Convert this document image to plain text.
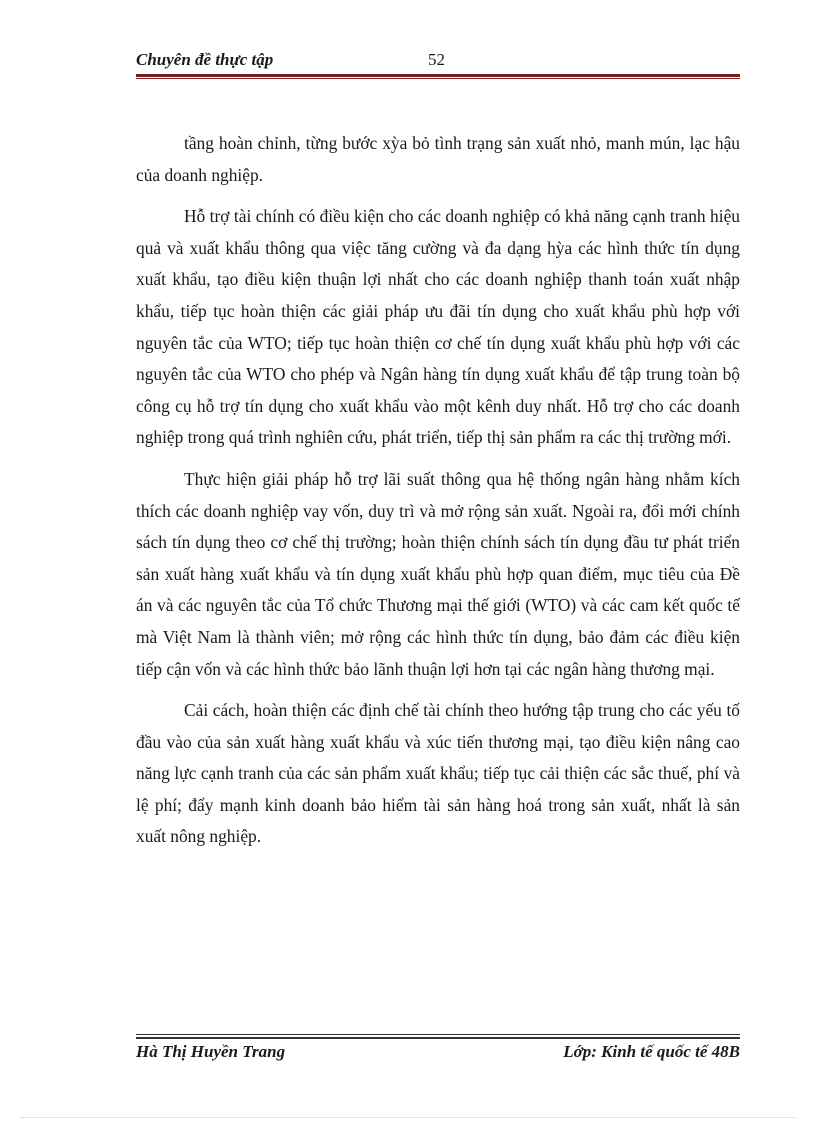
Chuyên đề thực tập	52

tầng hoàn chỉnh, từng bước xỳa bỏ tình trạng sản xuất nhỏ, manh mún, lạc hậu của doanh nghiệp.

Hỗ trợ tài chính có điều kiện cho các doanh nghiệp có khả năng cạnh tranh hiệu quả và xuất khẩu thông qua việc tăng cường và đa dạng hỳa các hình thức tín dụng xuất khẩu, tạo điều kiện thuận lợi nhất cho các doanh nghiệp thanh toán xuất nhập khẩu, tiếp tục hoàn thiện các giải pháp ưu đãi tín dụng cho xuất khẩu phù hợp với nguyên tắc của WTO; tiếp tục hoàn thiện cơ chế tín dụng xuất khẩu phù hợp với các nguyên tắc của WTO cho phép và Ngân hàng tín dụng xuất khẩu để tập trung toàn bộ công cụ hỗ trợ tín dụng cho xuất khẩu vào một kênh duy nhất. Hỗ trợ cho các doanh nghiệp trong quá trình nghiên cứu, phát triển, tiếp thị sản phẩm ra các thị trường mới.

Thực hiện giải pháp hỗ trợ lãi suất thông qua hệ thống ngân hàng nhằm kích thích các doanh nghiệp vay vốn, duy trì và mở rộng sản xuất. Ngoài ra, đổi mới chính sách tín dụng theo cơ chế thị trường; hoàn thiện chính sách tín dụng đầu tư phát triển sản xuất hàng xuất khẩu và tín dụng xuất khẩu phù hợp quan điểm, mục tiêu của Đề án và các nguyên tắc của Tổ chức Thương mại thế giới (WTO) và các cam kết quốc tế mà Việt Nam là thành viên; mở rộng các hình thức tín dụng, bảo đảm các điều kiện tiếp cận vốn và các hình thức bảo lãnh thuận lợi hơn tại các ngân hàng thương mại.

Cải cách, hoàn thiện các định chế tài chính theo hướng tập trung cho các yếu tố đầu vào của sản xuất hàng xuất khẩu và xúc tiến thương mại, tạo điều kiện nâng cao năng lực cạnh tranh của các sản phẩm xuất khẩu; tiếp tục cải thiện các sắc thuế, phí và lệ phí; đẩy mạnh kinh doanh bảo hiểm tài sản hàng hoá trong sản xuất, nhất là sản xuất nông nghiệp.

Hà Thị Huyền Trang	Lớp: Kinh tế quốc tế 48B
